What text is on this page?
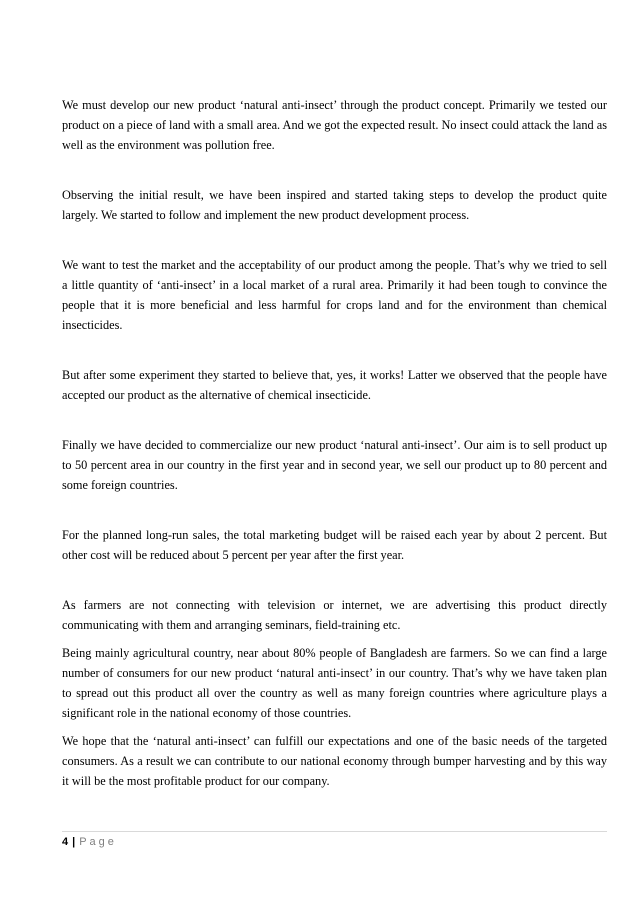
We must develop our new product ‘natural anti-insect’ through the product concept. Primarily we tested our product on a piece of land with a small area. And we got the expected result. No insect could attack the land as well as the environment was pollution free.

Observing the initial result, we have been inspired and started taking steps to develop the product quite largely. We started to follow and implement the new product development process.

We want to test the market and the acceptability of our product among the people. That’s why we tried to sell a little quantity of ‘anti-insect’ in a local market of a rural area. Primarily it had been tough to convince the people that it is more beneficial and less harmful for crops land and for the environment than chemical insecticides.

But after some experiment they started to believe that, yes, it works! Latter we observed that the people have accepted our product as the alternative of chemical insecticide.

Finally we have decided to commercialize our new product ‘natural anti-insect’. Our aim is to sell product up to 50 percent area in our country in the first year and in second year, we sell our product up to 80 percent and some foreign countries.

For the planned long-run sales, the total marketing budget will be raised each year by about 2 percent. But other cost will be reduced about 5 percent per year after the first year.

As farmers are not connecting with television or internet, we are advertising this product directly communicating with them and arranging seminars, field-training etc.

Being mainly agricultural country, near about 80% people of Bangladesh are farmers. So we can find a large number of consumers for our new product ‘natural anti-insect’ in our country. That’s why we have taken plan to spread out this product all over the country as well as many foreign countries where agriculture plays a significant role in the national economy of those countries.

We hope that the ‘natural anti-insect’ can fulfill our expectations and one of the basic needs of the targeted consumers. As a result we can contribute to our national economy through bumper harvesting and by this way it will be the most profitable product for our company.

4 | Page
